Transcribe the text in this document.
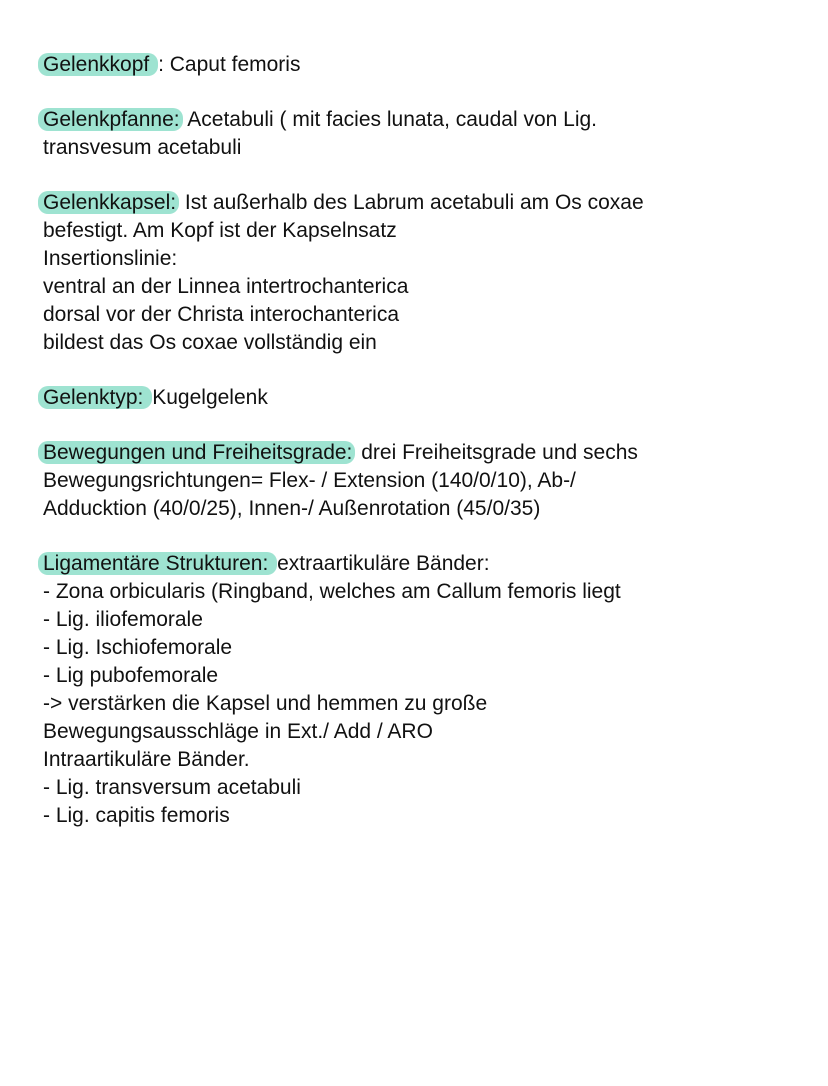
Gelenkkopf : Caput femoris
Gelenkpfanne: Acetabuli ( mit facies lunata, caudal von Lig.
transvesum acetabuli
Gelenkkapsel: Ist außerhalb des Labrum acetabuli am Os coxae
befestigt. Am Kopf ist der Kapselnsatz
Insertionslinie:
ventral an der Linnea intertrochanterica
dorsal vor der Christa interochanterica
bildest das Os coxae vollständig ein
Gelenktyp: Kugelgelenk
Bewegungen und Freiheitsgrade: drei Freiheitsgrade und sechs
Bewegungsrichtungen= Flex- / Extension (140/0/10), Ab-/
Adducktion (40/0/25), Innen-/ Außenrotation (45/0/35)
Ligamentäre Strukturen: extraartikuläre Bänder:
- Zona orbicularis (Ringband, welches am Callum femoris liegt
- Lig. iliofemorale
- Lig. Ischiofemorale
- Lig pubofemorale
-> verstärken die Kapsel und hemmen zu große
Bewegungsausschläge in Ext./ Add / ARO
Intraartikuläre Bänder.
- Lig. transversum acetabuli
- Lig. capitis femoris
